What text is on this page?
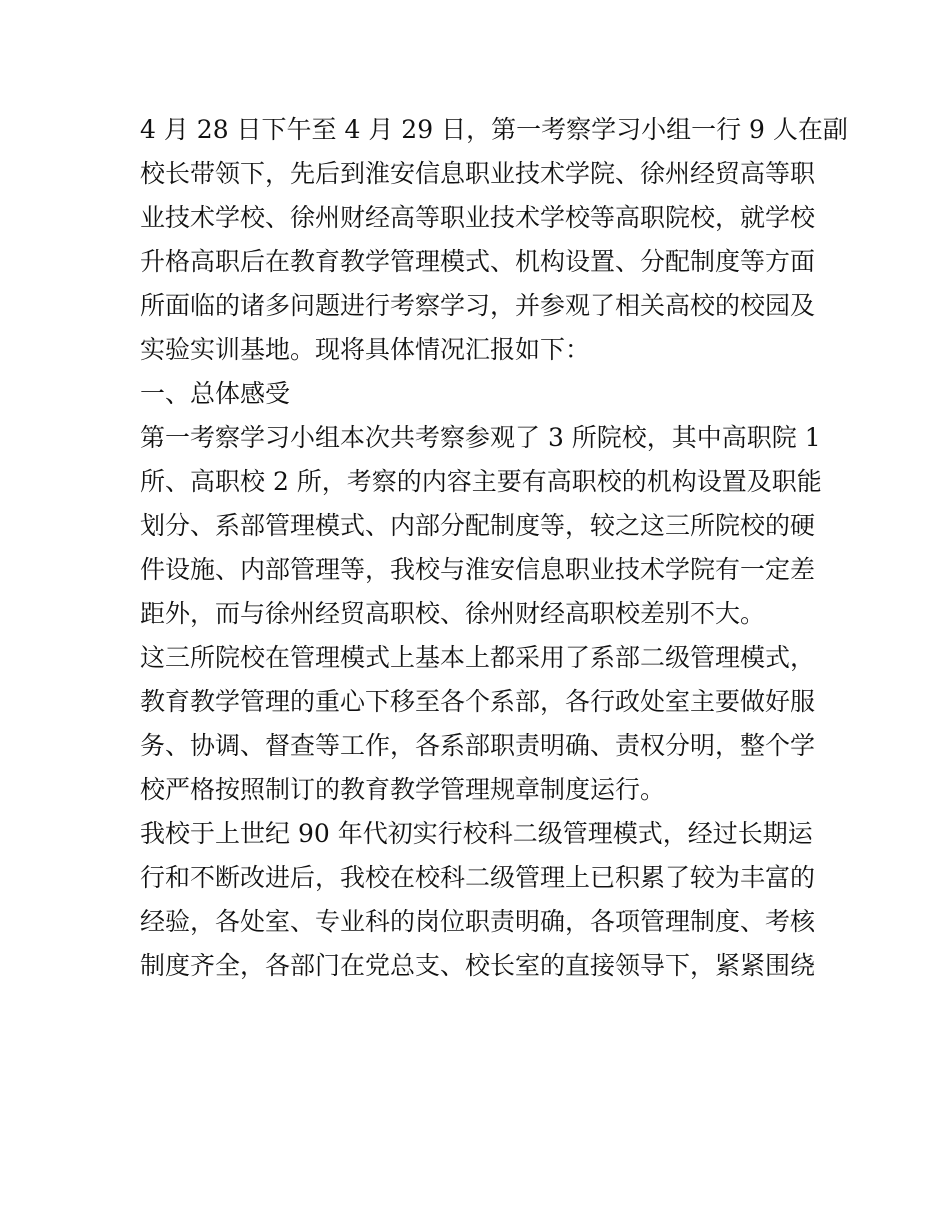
4 月 28 日下午至 4 月 29 日，第一考察学习小组一行 9 人在副
校长带领下，先后到淮安信息职业技术学院、徐州经贸高等职
业技术学校、徐州财经高等职业技术学校等高职院校，就学校
升格高职后在教育教学管理模式、机构设置、分配制度等方面
所面临的诸多问题进行考察学习，并参观了相关高校的校园及
实验实训基地。现将具体情况汇报如下：
一、总体感受
第一考察学习小组本次共考察参观了 3 所院校，其中高职院 1
所、高职校 2 所，考察的内容主要有高职校的机构设置及职能
划分、系部管理模式、内部分配制度等，较之这三所院校的硬
件设施、内部管理等，我校与淮安信息职业技术学院有一定差
距外，而与徐州经贸高职校、徐州财经高职校差别不大。
这三所院校在管理模式上基本上都采用了系部二级管理模式，
教育教学管理的重心下移至各个系部，各行政处室主要做好服
务、协调、督查等工作，各系部职责明确、责权分明，整个学
校严格按照制订的教育教学管理规章制度运行。
我校于上世纪 90 年代初实行校科二级管理模式，经过长期运
行和不断改进后，我校在校科二级管理上已积累了较为丰富的
经验，各处室、专业科的岗位职责明确，各项管理制度、考核
制度齐全，各部门在党总支、校长室的直接领导下，紧紧围绕
